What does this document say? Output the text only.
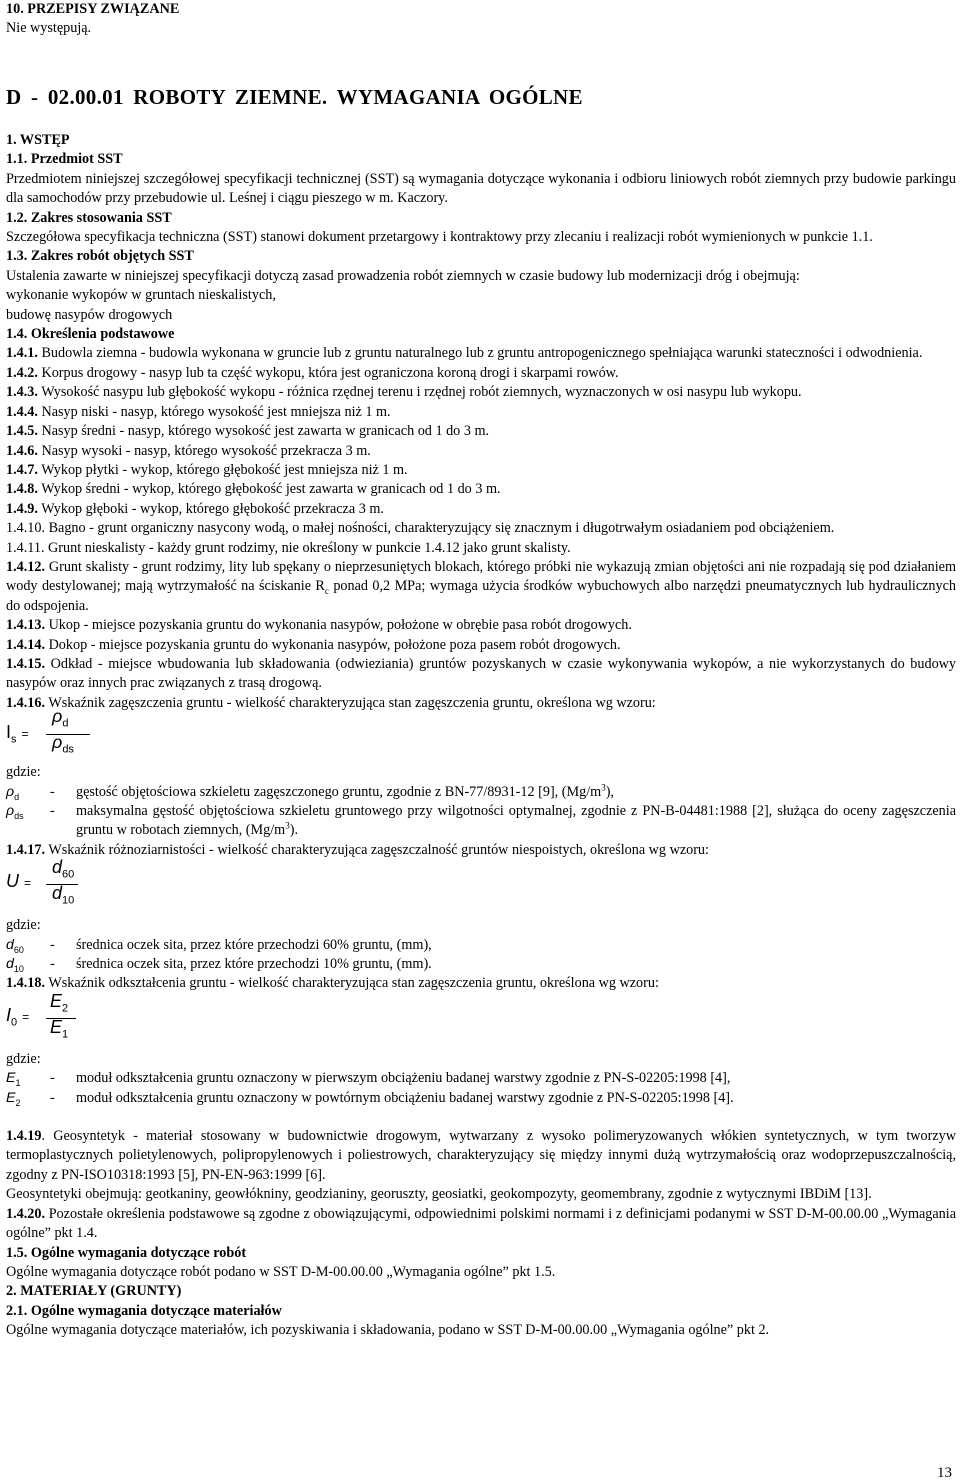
10. PRZEPISY ZWIĄZANE
Nie występują.
D - 02.00.01 ROBOTY ZIEMNE. WYMAGANIA OGÓLNE
1. WSTĘP
1.1. Przedmiot SST

Przedmiotem niniejszej szczegółowej specyfikacji technicznej (SST) są wymagania dotyczące wykonania i odbioru liniowych robót ziemnych przy budowie parkingu dla samochodów przy przebudowie ul. Leśnej i ciągu pieszego w m. Kaczory.

1.2. Zakres stosowania SST

Szczegółowa specyfikacja techniczna (SST) stanowi dokument przetargowy i kontraktowy przy zlecaniu i realizacji robót wymienionych w punkcie 1.1.

1.3. Zakres robót objętych SST

Ustalenia zawarte w niniejszej specyfikacji dotyczą zasad prowadzenia robót ziemnych w czasie budowy lub modernizacji dróg i obejmują:

wykonanie wykopów w gruntach nieskalistych,
budowę nasypów drogowych
1.4. Określenia podstawowe

1.4.1. Budowla ziemna - budowla wykonana w gruncie lub z gruntu naturalnego lub z gruntu antropogenicznego spełniająca warunki stateczności i odwodnienia.

1.4.2. Korpus drogowy - nasyp lub ta część wykopu, która jest ograniczona koroną drogi i skarpami rowów.

1.4.3. Wysokość nasypu lub głębokość wykopu - różnica rzędnej terenu i rzędnej robót ziemnych, wyznaczonych w osi nasypu lub wykopu.

1.4.4. Nasyp niski - nasyp, którego wysokość jest mniejsza niż 1 m.

1.4.5. Nasyp średni - nasyp, którego wysokość jest zawarta w granicach od 1 do 3 m.

1.4.6. Nasyp wysoki - nasyp, którego wysokość przekracza 3 m.

1.4.7. Wykop płytki - wykop, którego głębokość jest mniejsza niż 1 m.

1.4.8. Wykop średni - wykop, którego głębokość jest zawarta w granicach od 1 do 3 m.

1.4.9. Wykop głęboki - wykop, którego głębokość przekracza 3 m.

1.4.10. Bagno - grunt organiczny nasycony wodą, o małej nośności, charakteryzujący się znacznym i długotrwałym osiadaniem pod obciążeniem.

1.4.11. Grunt nieskalisty - każdy grunt rodzimy, nie określony w punkcie 1.4.12 jako grunt skalisty.

1.4.12. Grunt skalisty - grunt rodzimy, lity lub spękany o nieprzesuniętych blokach, którego próbki nie wykazują zmian objętości ani nie rozpadają się pod działaniem wody destylowanej; mają wytrzymałość na ściskanie $R_c$ ponad 0,2 MPa; wymaga użycia środków wybuchowych albo narzędzi pneumatycznych lub hydraulicznych do odspojenia.

1.4.13. Ukop - miejsce pozyskania gruntu do wykonania nasypów, położone w obrębie pasa robót drogowych.

1.4.14. Dokop - miejsce pozyskania gruntu do wykonania nasypów, położone poza pasem robót drogowych.

1.4.15. Odkład - miejsce wbudowania lub składowania (odwieziania) gruntów pozyskanych w czasie wykonywania wykopów, a nie wykorzystanych do budowy nasypów oraz innych prac związanych z trasą drogową.

1.4.16. Wskaźnik zagęszczenia gruntu - wielkość charakteryzująca stan zagęszczenia gruntu, określona wg wzoru:

$I_s$ =
$\rho_d$
$\rho_{ds}$
gdzie:
$\rho_d$	-	gęstość objętościowa szkieletu zagęszczonego gruntu, zgodnie z BN-77/8931-12 [9], $(Mg/m^3)$,
$\rho_{ds}$	-	maksymalna gęstość objętościowa szkieletu gruntowego przy wilgotności optymalnej, zgodnie z PN-B-04481:1988 [2], służąca do oceny zagęszczenia gruntu w robotach ziemnych, $(Mg/m^3)$.

1.4.17. Wskaźnik różnoziarnistości - wielkość charakteryzująca zagęszczalność gruntów niespoistych, określona wg wzoru:

U =
$d_{60}$
$d_{10}$
gdzie:
$d_{60}$	-	średnica oczek sita, przez które przechodzi 60% gruntu, (mm),
$d_{10}$	-	średnica oczek sita, przez które przechodzi 10% gruntu, (mm).

1.4.18. Wskaźnik odkształcenia gruntu - wielkość charakteryzująca stan zagęszczenia gruntu, określona wg wzoru:

$I_0$ =
$E_2$
$E_1$
gdzie:
$E_1$	-	moduł odkształcenia gruntu oznaczony w pierwszym obciążeniu badanej warstwy zgodnie z PN-S-02205:1998 [4],
$E_2$	-	moduł odkształcenia gruntu oznaczony w powtórnym obciążeniu badanej warstwy zgodnie z PN-S-02205:1998 [4].

1.4.19. Geosyntetyk - materiał stosowany w budownictwie drogowym, wytwarzany z wysoko polimeryzowanych włókien syntetycznych, w tym tworzyw termoplastycznych polietylenowych, polipropylenowych i poliestrowych, charakteryzujący się między innymi dużą wytrzymałością oraz wodoprzepuszczalnością, zgodny z PN-ISO10318:1993 [5], PN-EN-963:1999 [6].

Geosyntetyki obejmują: geotkaniny, geowłókniny, geodzianiny, georuszty, geosiatki, geokompozyty, geomembrany, zgodnie z wytycznymi IBDiM [13].

1.4.20. Pozostałe określenia podstawowe są zgodne z obowiązującymi, odpowiednimi polskimi normami i z definicjami podanymi w SST D-M-00.00.00 „Wymagania ogólne” pkt 1.4.

1.5. Ogólne wymagania dotyczące robót

Ogólne wymagania dotyczące robót podano w SST D-M-00.00.00 „Wymagania ogólne” pkt 1.5.

2. MATERIAŁY (GRUNTY)
2.1. Ogólne wymagania dotyczące materiałów

Ogólne wymagania dotyczące materiałów, ich pozyskiwania i składowania, podano w SST D-M-00.00.00 „Wymagania ogólne” pkt 2.

13
